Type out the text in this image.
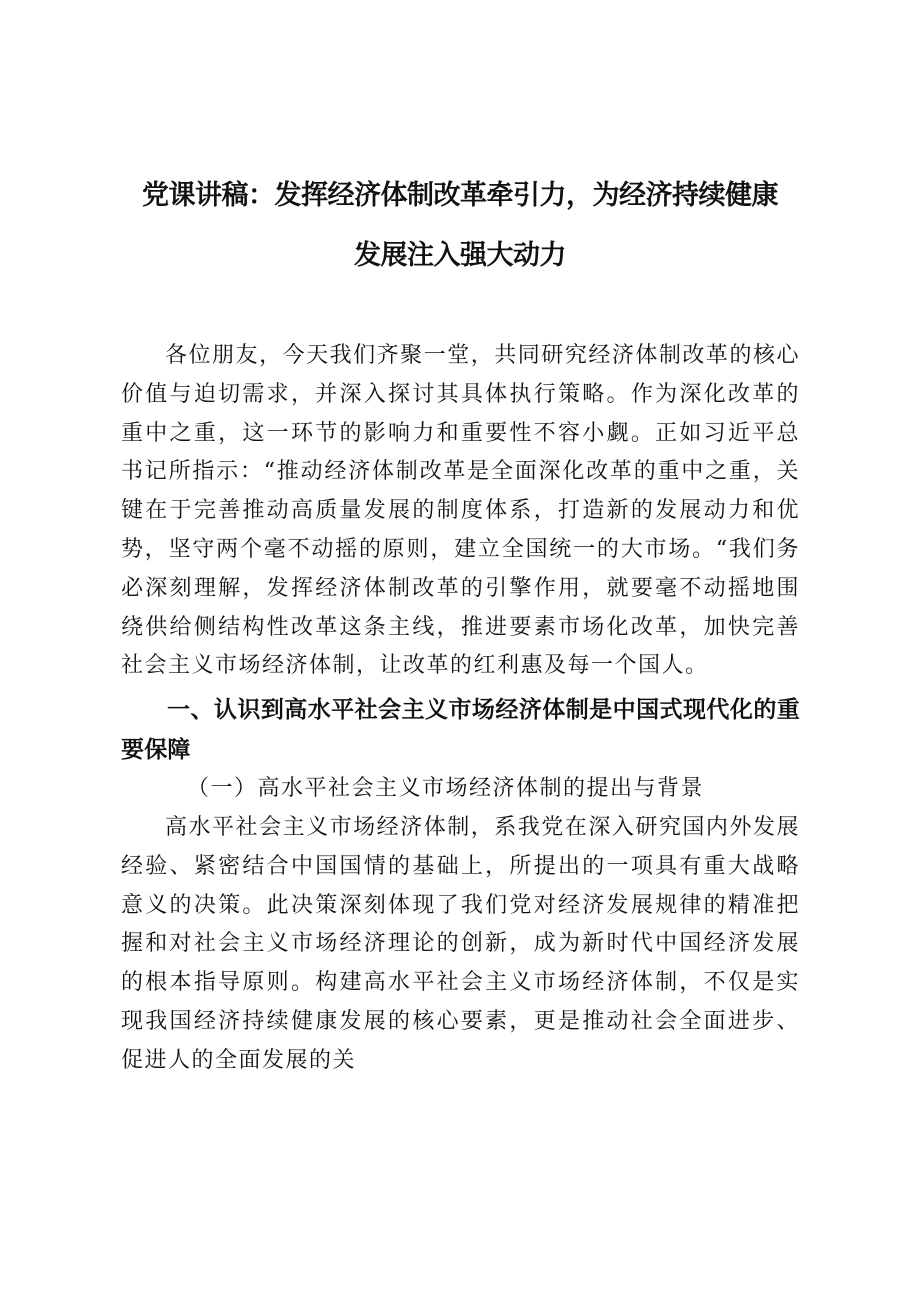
党课讲稿：发挥经济体制改革牵引力，为经济持续健康
发展注入强大动力

各位朋友，今天我们齐聚一堂，共同研究经济体制改革的核心价值与迫切需求，并深入探讨其具体执行策略。作为深化改革的重中之重，这一环节的影响力和重要性不容小觑。正如习近平总书记所指示：“推动经济体制改革是全面深化改革的重中之重，关键在于完善推动高质量发展的制度体系，打造新的发展动力和优势，坚守两个毫不动摇的原则，建立全国统一的大市场。“我们务必深刻理解，发挥经济体制改革的引擎作用，就要毫不动摇地围绕供给侧结构性改革这条主线，推进要素市场化改革，加快完善社会主义市场经济体制，让改革的红利惠及每一个国人。

一、认识到高水平社会主义市场经济体制是中国式现代化的重要保障

（一）高水平社会主义市场经济体制的提出与背景

高水平社会主义市场经济体制，系我党在深入研究国内外发展经验、紧密结合中国国情的基础上，所提出的一项具有重大战略意义的决策。此决策深刻体现了我们党对经济发展规律的精准把握和对社会主义市场经济理论的创新，成为新时代中国经济发展的根本指导原则。构建高水平社会主义市场经济体制，不仅是实现我国经济持续健康发展的核心要素，更是推动社会全面进步、促进人的全面发展的关
